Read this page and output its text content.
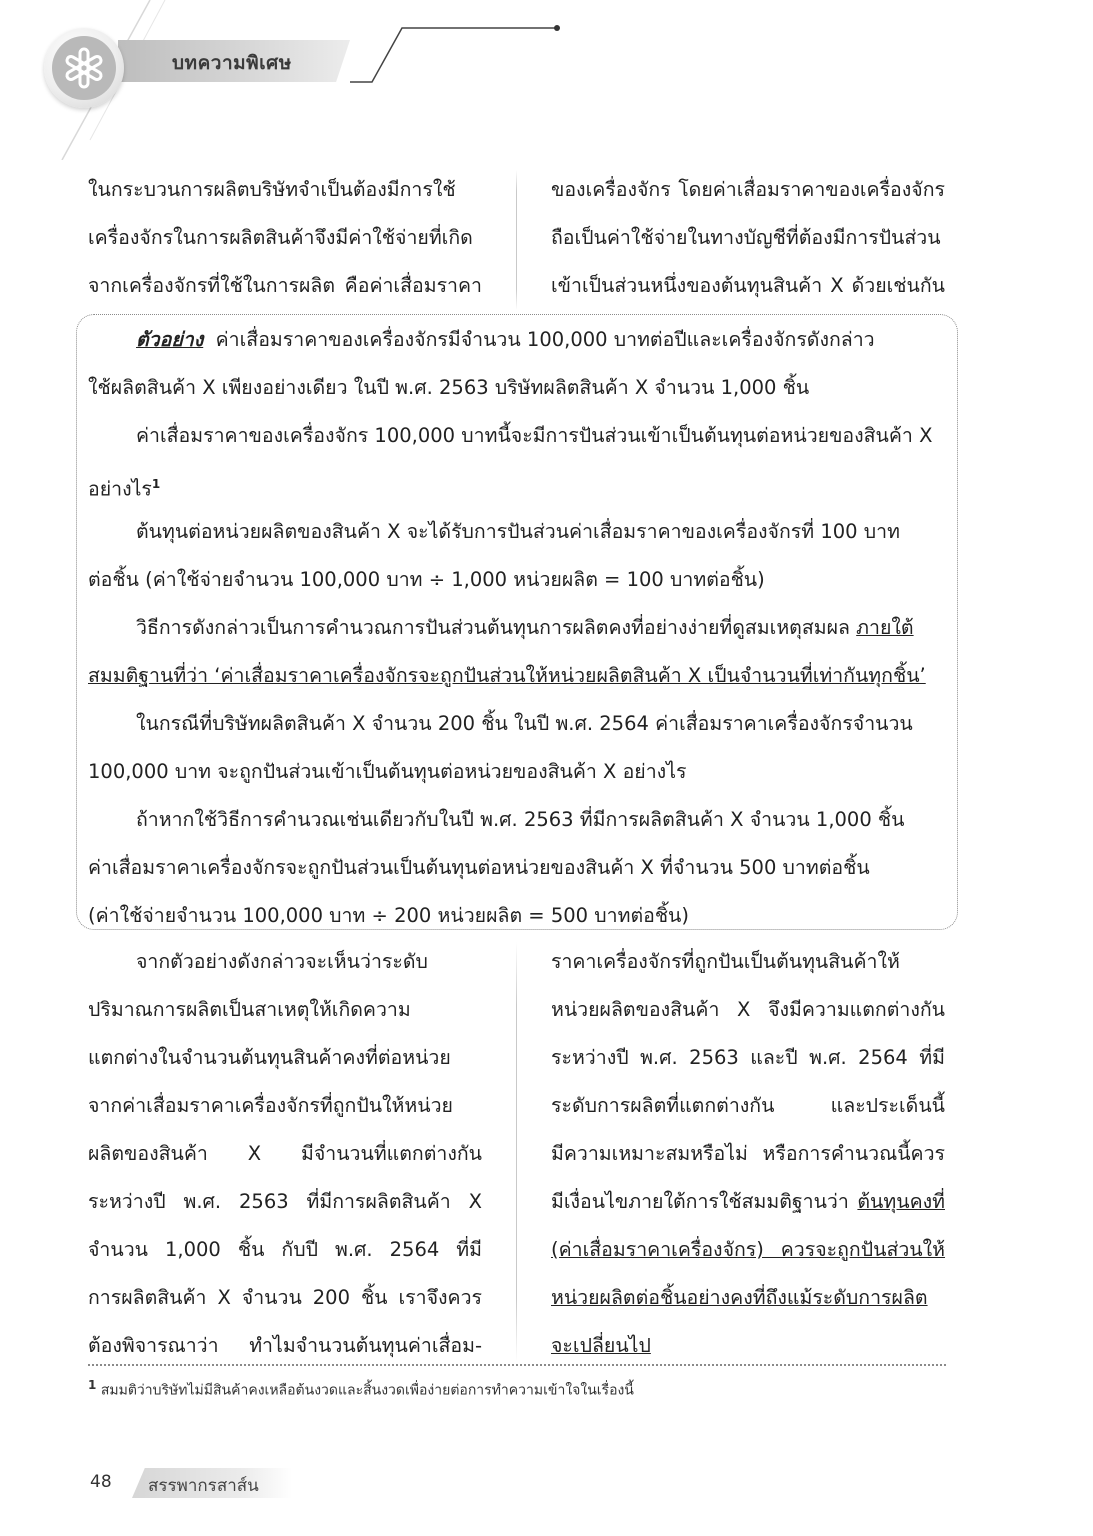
บทความพิเศษ
ในกระบวนการผลิตบริษัทจำเป็นต้องมีการใช้
เครื่องจักรในการผลิตสินค้าจึงมีค่าใช้จ่ายที่เกิด
จากเครื่องจักรที่ใช้ในการผลิต คือค่าเสื่อมราคา
ของเครื่องจักร โดยค่าเสื่อมราคาของเครื่องจักร
ถือเป็นค่าใช้จ่ายในทางบัญชีที่ต้องมีการปันส่วน
เข้าเป็นส่วนหนึ่งของต้นทุนสินค้า X ด้วยเช่นกัน
ตัวอย่าง ค่าเสื่อมราคาของเครื่องจักรมีจำนวน 100,000 บาทต่อปีและเครื่องจักรดังกล่าว
ใช้ผลิตสินค้า X เพียงอย่างเดียว ในปี พ.ศ. 2563 บริษัทผลิตสินค้า X จำนวน 1,000 ชิ้น
ค่าเสื่อมราคาของเครื่องจักร 100,000 บาทนี้จะมีการปันส่วนเข้าเป็นต้นทุนต่อหน่วยของสินค้า X
อย่างไร$^1$
ต้นทุนต่อหน่วยผลิตของสินค้า X จะได้รับการปันส่วนค่าเสื่อมราคาของเครื่องจักรที่ 100 บาท
ต่อชิ้น (ค่าใช้จ่ายจำนวน 100,000 บาท ÷ 1,000 หน่วยผลิต = 100 บาทต่อชิ้น)
วิธีการดังกล่าวเป็นการคำนวณการปันส่วนต้นทุนการผลิตคงที่อย่างง่ายที่ดูสมเหตุสมผล ภายใต้
สมมติฐานที่ว่า ‘ค่าเสื่อมราคาเครื่องจักรจะถูกปันส่วนให้หน่วยผลิตสินค้า X เป็นจำนวนที่เท่ากันทุกชิ้น’
ในกรณีที่บริษัทผลิตสินค้า X จำนวน 200 ชิ้น ในปี พ.ศ. 2564 ค่าเสื่อมราคาเครื่องจักรจำนวน
100,000 บาท จะถูกปันส่วนเข้าเป็นต้นทุนต่อหน่วยของสินค้า X อย่างไร
ถ้าหากใช้วิธีการคำนวณเช่นเดียวกับในปี พ.ศ. 2563 ที่มีการผลิตสินค้า X จำนวน 1,000 ชิ้น
ค่าเสื่อมราคาเครื่องจักรจะถูกปันส่วนเป็นต้นทุนต่อหน่วยของสินค้า X ที่จำนวน 500 บาทต่อชิ้น
(ค่าใช้จ่ายจำนวน 100,000 บาท ÷ 200 หน่วยผลิต = 500 บาทต่อชิ้น)
จากตัวอย่างดังกล่าวจะเห็นว่าระดับ
ปริมาณการผลิตเป็นสาเหตุให้เกิดความ
แตกต่างในจำนวนต้นทุนสินค้าคงที่ต่อหน่วย
จากค่าเสื่อมราคาเครื่องจักรที่ถูกปันให้หน่วย
ผลิตของสินค้า X มีจำนวนที่แตกต่างกัน
ระหว่างปี พ.ศ. 2563 ที่มีการผลิตสินค้า X
จำนวน 1,000 ชิ้น กับปี พ.ศ. 2564 ที่มี
การผลิตสินค้า X จำนวน 200 ชิ้น เราจึงควร
ต้องพิจารณาว่า ทำไมจำนวนต้นทุนค่าเสื่อม-
ราคาเครื่องจักรที่ถูกปันเป็นต้นทุนสินค้าให้
หน่วยผลิตของสินค้า X จึงมีความแตกต่างกัน
ระหว่างปี พ.ศ. 2563 และปี พ.ศ. 2564 ที่มี
ระดับการผลิตที่แตกต่างกัน และประเด็นนี้
มีความเหมาะสมหรือไม่ หรือการคำนวณนี้ควร
มีเงื่อนไขภายใต้การใช้สมมติฐานว่า ต้นทุนคงที่
(ค่าเสื่อมราคาเครื่องจักร) ควรจะถูกปันส่วนให้
หน่วยผลิตต่อชิ้นอย่างคงที่ถึงแม้ระดับการผลิต
จะเปลี่ยนไป
$^1$ สมมติว่าบริษัทไม่มีสินค้าคงเหลือต้นงวดและสิ้นงวดเพื่อง่ายต่อการทำความเข้าใจในเรื่องนี้
48 สรรพากรสาส์น
